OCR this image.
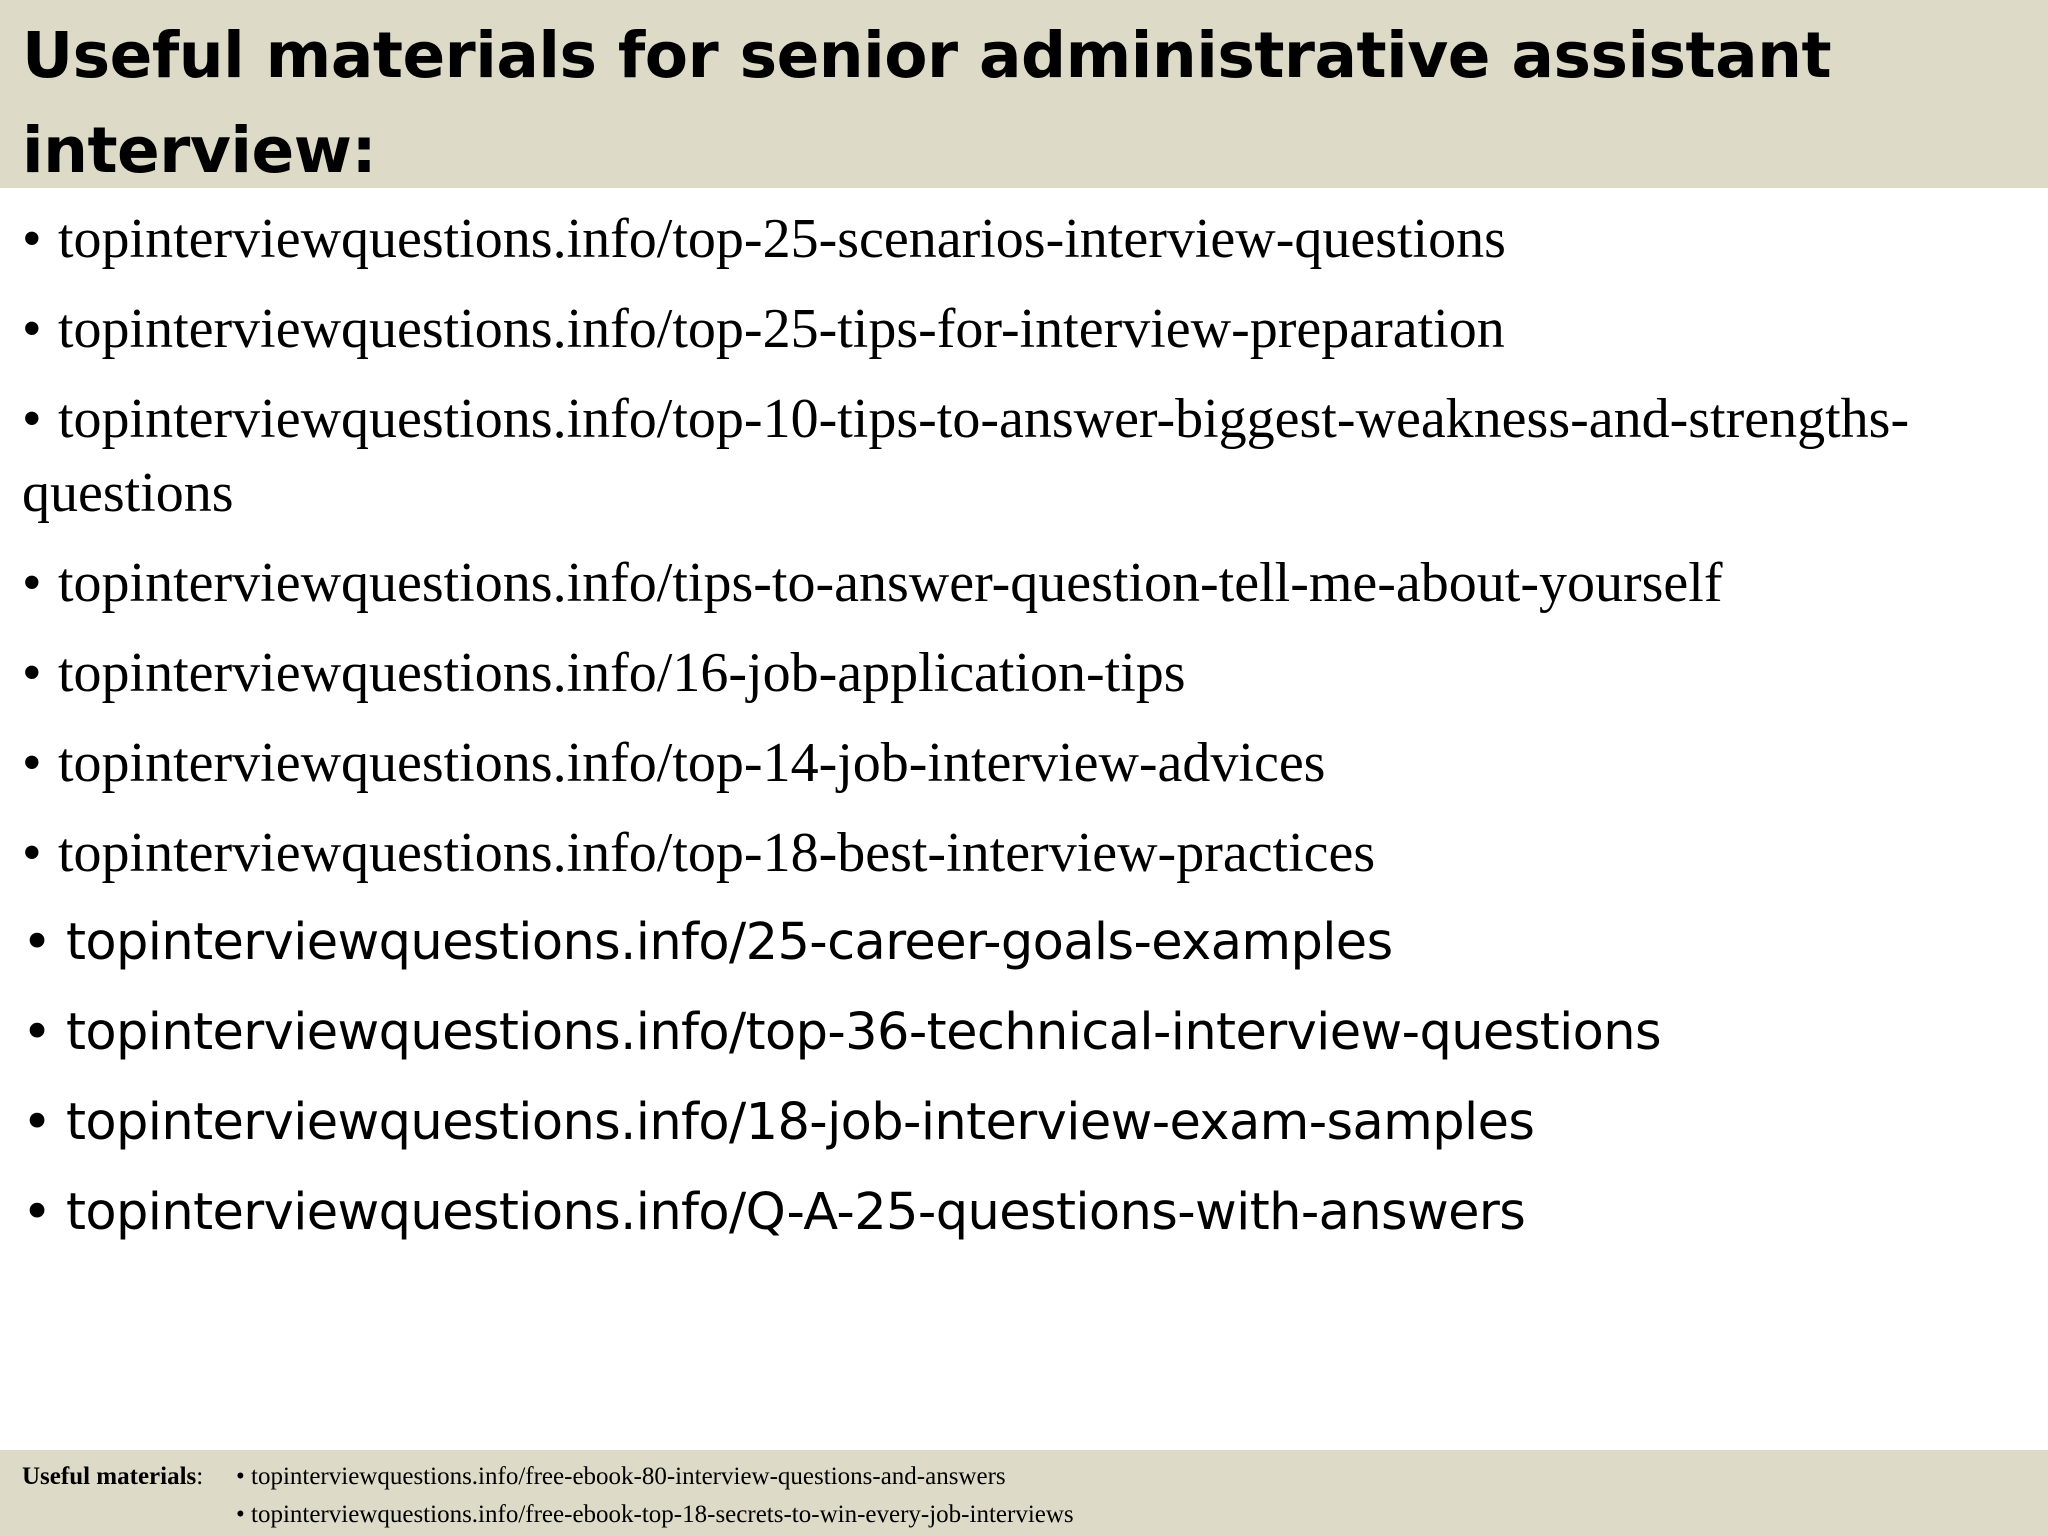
Useful materials for senior administrative assistant interview:
• topinterviewquestions.info/top-25-scenarios-interview-questions
• topinterviewquestions.info/top-25-tips-for-interview-preparation
• topinterviewquestions.info/top-10-tips-to-answer-biggest-weakness-and-strengths-questions
• topinterviewquestions.info/tips-to-answer-question-tell-me-about-yourself
• topinterviewquestions.info/16-job-application-tips
• topinterviewquestions.info/top-14-job-interview-advices
• topinterviewquestions.info/top-18-best-interview-practices
• topinterviewquestions.info/25-career-goals-examples
• topinterviewquestions.info/top-36-technical-interview-questions
• topinterviewquestions.info/18-job-interview-exam-samples
• topinterviewquestions.info/Q-A-25-questions-with-answers
Useful materials: • topinterviewquestions.info/free-ebook-80-interview-questions-and-answers
• topinterviewquestions.info/free-ebook-top-18-secrets-to-win-every-job-interviews
